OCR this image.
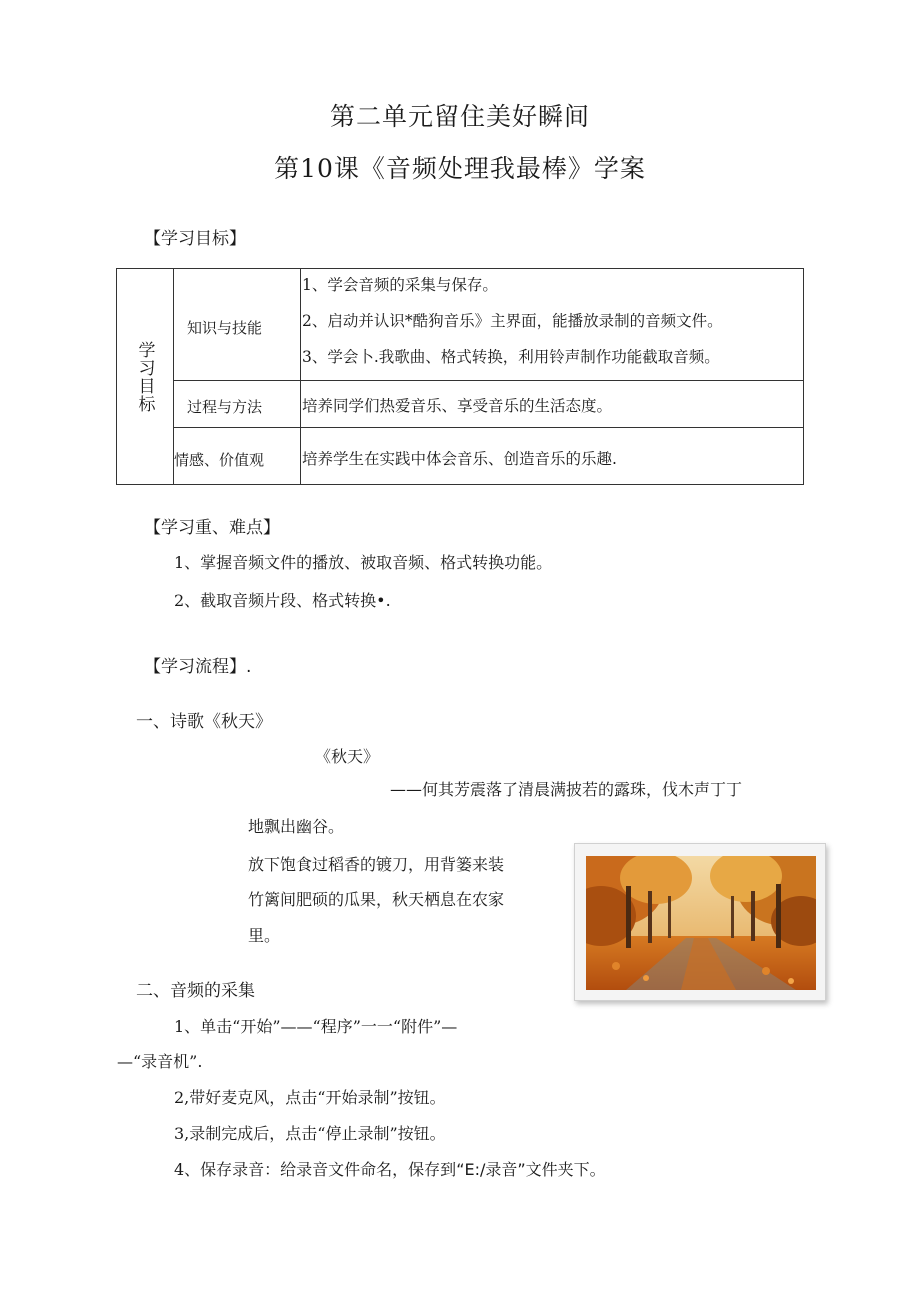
第二单元留住美好瞬间
第10课《音频处理我最棒》学案
【学习目标】
学习目标
知识与技能
1、学会音频的采集与保存。
2、启动并认识*酷狗音乐》主界面，能播放录制的音频文件。
3、学会卜.我歌曲、格式转换，利用铃声制作功能截取音频。
过程与方法	培养同学们热爱音乐、享受音乐的生活态度。
情感、价值观 培养学生在实践中体会音乐、创造音乐的乐趣.
【学习重、难点】
1、掌握音频文件的播放、被取音频、格式转换功能。
2、截取音频片段、格式转换•.
【学习流程】.
一、诗歌《秋天》
《秋天》
——何其芳震落了清晨满披若的露珠，伐木声丁丁
地飘出幽谷。
放下饱食过稻香的镀刀，用背篓来装
竹篱间肥硕的瓜果，秋天栖息在农家
里。
二、音频的采集
1、单击“开始”——“程序”一一“附件”—
—“录音机”.
2,带好麦克风，点击“开始录制”按钮。
3,录制完成后，点击“停止录制”按钮。
4、保存录音：给录音文件命名，保存到“E:/录音”文件夹下。
